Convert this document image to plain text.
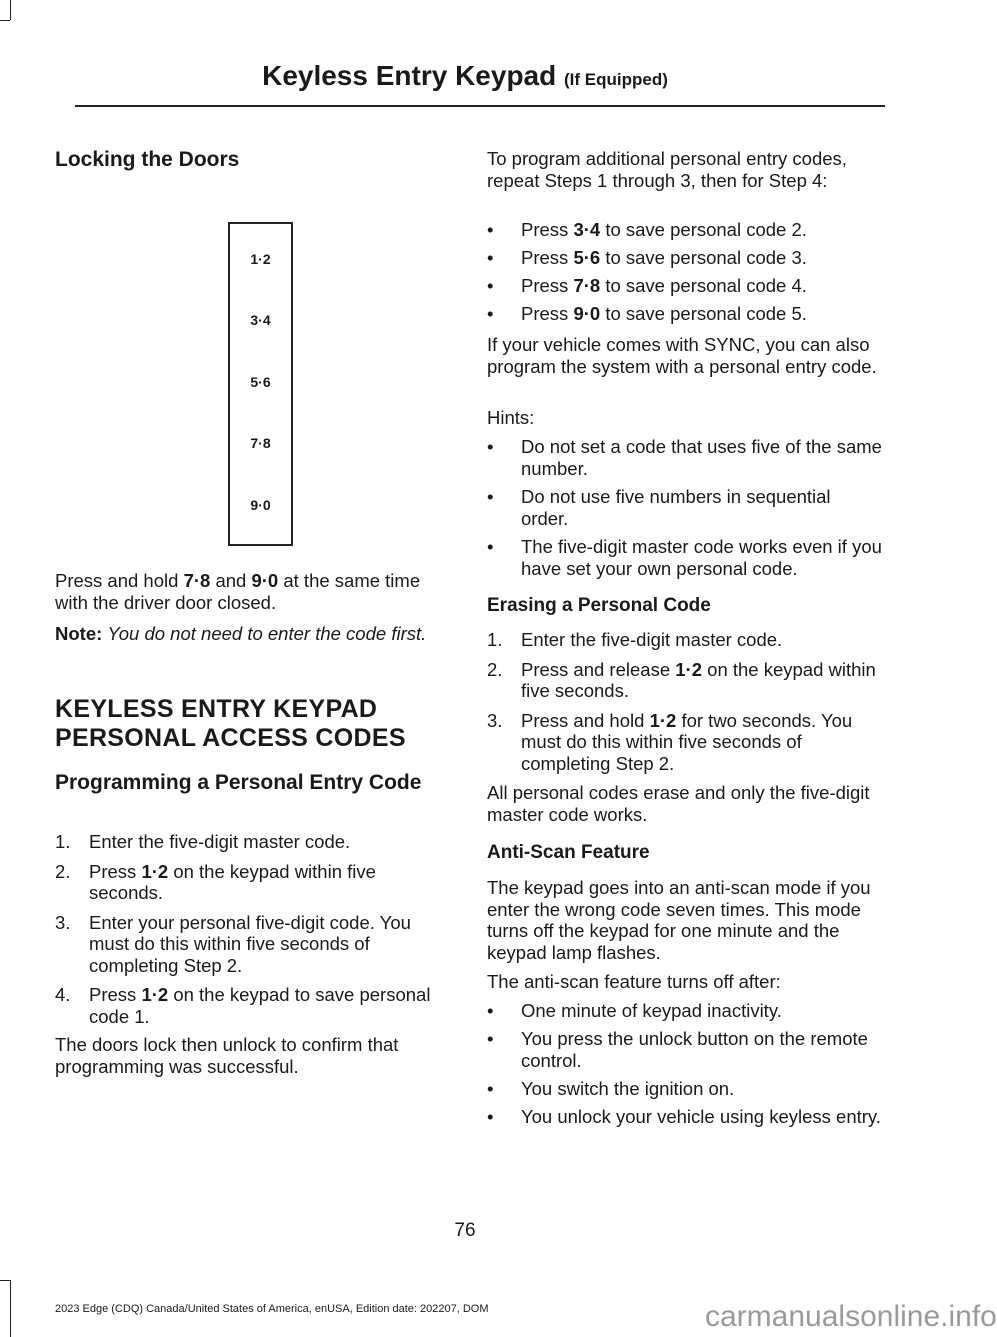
Keyless Entry Keypad (If Equipped)
Locking the Doors
1·2
3·4
5·6
7·8
9·0
Press and hold 7·8 and 9·0 at the same time with the driver door closed.
Note: You do not need to enter the code first.
KEYLESS ENTRY KEYPAD
PERSONAL ACCESS CODES
Programming a Personal Entry Code
1. Enter the five-digit master code.
2. Press 1·2 on the keypad within five seconds.
3. Enter your personal five-digit code. You must do this within five seconds of completing Step 2.
4. Press 1·2 on the keypad to save personal code 1.
The doors lock then unlock to confirm that programming was successful.
To program additional personal entry codes, repeat Steps 1 through 3, then for Step 4:
• Press 3·4 to save personal code 2.
• Press 5·6 to save personal code 3.
• Press 7·8 to save personal code 4.
• Press 9·0 to save personal code 5.
If your vehicle comes with SYNC, you can also program the system with a personal entry code.
Hints:
• Do not set a code that uses five of the same number.
• Do not use five numbers in sequential order.
• The five-digit master code works even if you have set your own personal code.
Erasing a Personal Code
1. Enter the five-digit master code.
2. Press and release 1·2 on the keypad within five seconds.
3. Press and hold 1·2 for two seconds. You must do this within five seconds of completing Step 2.
All personal codes erase and only the five-digit master code works.
Anti-Scan Feature
The keypad goes into an anti-scan mode if you enter the wrong code seven times. This mode turns off the keypad for one minute and the keypad lamp flashes.
The anti-scan feature turns off after:
• One minute of keypad inactivity.
• You press the unlock button on the remote control.
• You switch the ignition on.
• You unlock your vehicle using keyless entry.
76
2023 Edge (CDQ) Canada/United States of America, enUSA, Edition date: 202207, DOM	carmanualsonline.info
